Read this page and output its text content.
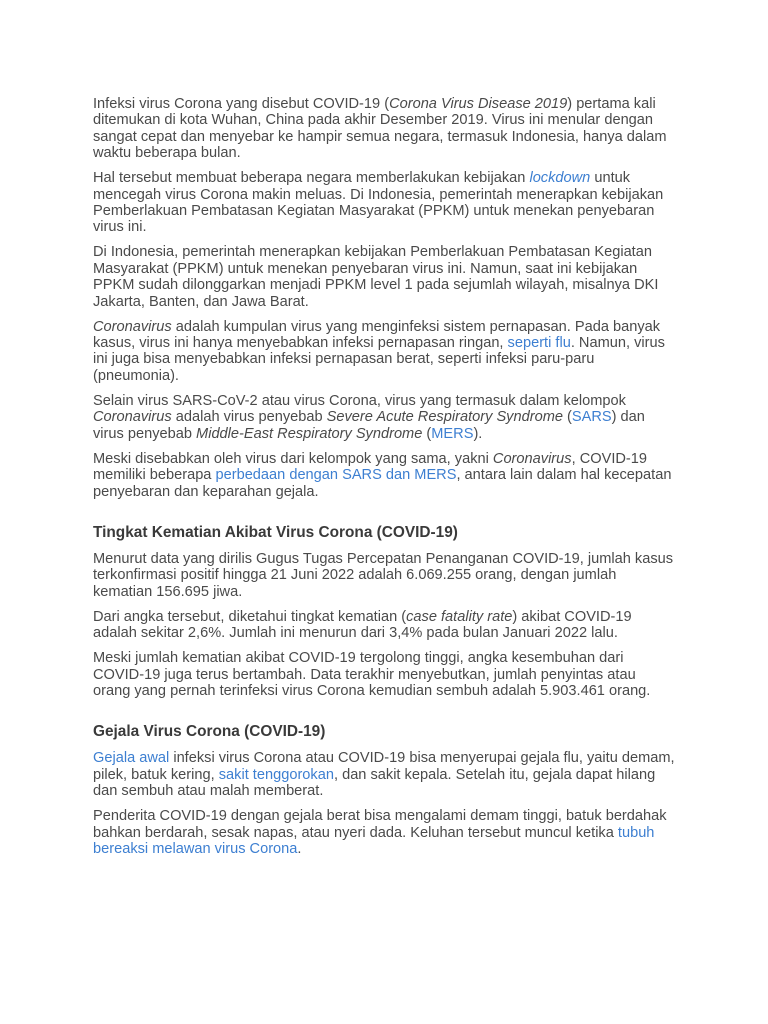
Infeksi virus Corona yang disebut COVID-19 (Corona Virus Disease 2019) pertama kali ditemukan di kota Wuhan, China pada akhir Desember 2019. Virus ini menular dengan sangat cepat dan menyebar ke hampir semua negara, termasuk Indonesia, hanya dalam waktu beberapa bulan.

Hal tersebut membuat beberapa negara memberlakukan kebijakan lockdown untuk mencegah virus Corona makin meluas. Di Indonesia, pemerintah menerapkan kebijakan Pemberlakuan Pembatasan Kegiatan Masyarakat (PPKM) untuk menekan penyebaran virus ini.

Di Indonesia, pemerintah menerapkan kebijakan Pemberlakuan Pembatasan Kegiatan Masyarakat (PPKM) untuk menekan penyebaran virus ini. Namun, saat ini kebijakan PPKM sudah dilonggarkan menjadi PPKM level 1 pada sejumlah wilayah, misalnya DKI Jakarta, Banten, dan Jawa Barat.

Coronavirus adalah kumpulan virus yang menginfeksi sistem pernapasan. Pada banyak kasus, virus ini hanya menyebabkan infeksi pernapasan ringan, seperti flu. Namun, virus ini juga bisa menyebabkan infeksi pernapasan berat, seperti infeksi paru-paru (pneumonia).

Selain virus SARS-CoV-2 atau virus Corona, virus yang termasuk dalam kelompok Coronavirus adalah virus penyebab Severe Acute Respiratory Syndrome (SARS) dan virus penyebab Middle-East Respiratory Syndrome (MERS).

Meski disebabkan oleh virus dari kelompok yang sama, yakni Coronavirus, COVID-19 memiliki beberapa perbedaan dengan SARS dan MERS, antara lain dalam hal kecepatan penyebaran dan keparahan gejala.

Tingkat Kematian Akibat Virus Corona (COVID-19)

Menurut data yang dirilis Gugus Tugas Percepatan Penanganan COVID-19, jumlah kasus terkonfirmasi positif hingga 21 Juni 2022 adalah 6.069.255 orang, dengan jumlah kematian 156.695 jiwa.

Dari angka tersebut, diketahui tingkat kematian (case fatality rate) akibat COVID-19 adalah sekitar 2,6%. Jumlah ini menurun dari 3,4% pada bulan Januari 2022 lalu.

Meski jumlah kematian akibat COVID-19 tergolong tinggi, angka kesembuhan dari COVID-19 juga terus bertambah. Data terakhir menyebutkan, jumlah penyintas atau orang yang pernah terinfeksi virus Corona kemudian sembuh adalah 5.903.461 orang.

Gejala Virus Corona (COVID-19)

Gejala awal infeksi virus Corona atau COVID-19 bisa menyerupai gejala flu, yaitu demam, pilek, batuk kering, sakit tenggorokan, dan sakit kepala. Setelah itu, gejala dapat hilang dan sembuh atau malah memberat.

Penderita COVID-19 dengan gejala berat bisa mengalami demam tinggi, batuk berdahak bahkan berdarah, sesak napas, atau nyeri dada. Keluhan tersebut muncul ketika tubuh bereaksi melawan virus Corona.
